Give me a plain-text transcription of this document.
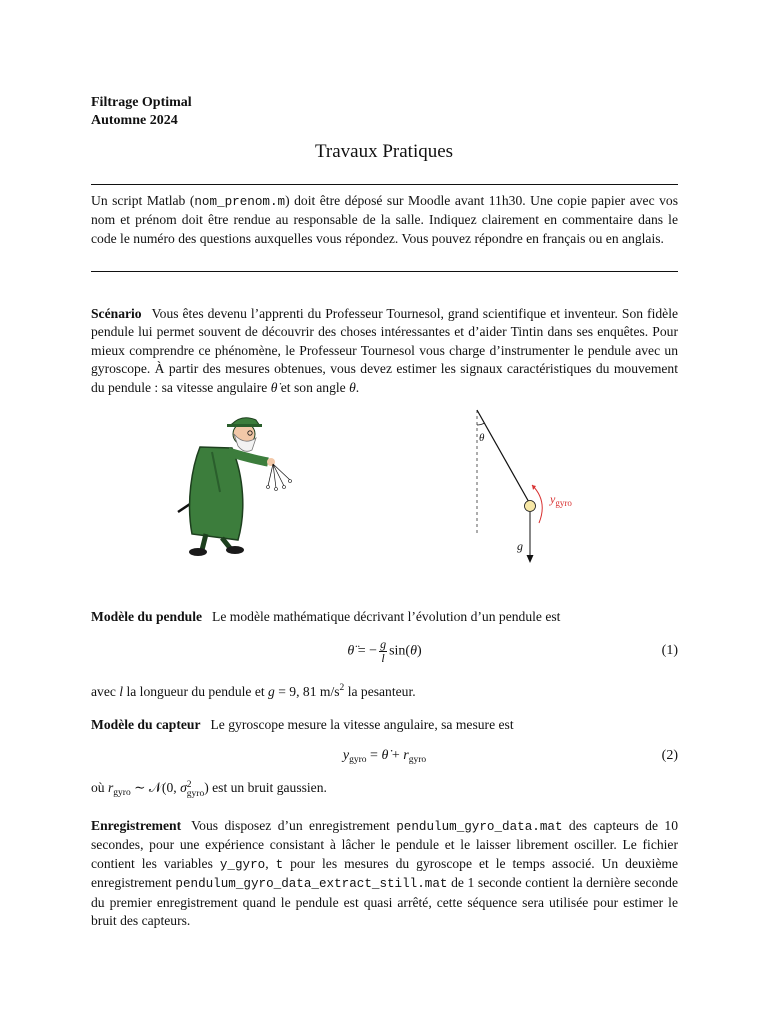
Filtrage Optimal
Automne 2024
Travaux Pratiques
Un script Matlab (nom_prenom.m) doit être déposé sur Moodle avant 11h30. Une copie papier avec vos nom et prénom doit être rendue au responsable de la salle. Indiquez clairement en commentaire dans le code le numéro des questions auxquelles vous répondez. Vous pouvez répondre en français ou en anglais.
Scénario Vous êtes devenu l’apprenti du Professeur Tournesol, grand scientifique et inventeur. Son fidèle pendule lui permet souvent de découvrir des choses intéressantes et d’aider Tintin dans ses enquêtes. Pour mieux comprendre ce phénomène, le Professeur Tournesol vous charge d’instrumenter le pendule avec un gyroscope. À partir des mesures obtenues, vous devez estimer les signaux caractéristiques du mouvement du pendule : sa vitesse angulaire θ̇ et son angle θ.
θ
$y_{gyro}$
g
Modèle du pendule Le modèle mathématique décrivant l’évolution d’un pendule est
θ̈ = − $\frac{g}{l} \sin(\theta)$	(1)
avec l la longueur du pendule et g = 9, 81 $m/s^2$ la pesanteur.
Modèle du capteur Le gyroscope mesure la vitesse angulaire, sa mesure est
$y_{gyro}$ = θ̇ + $r_{gyro}$	(2)
où $r_{gyro}$ ∼ 𝒩(0, σ 2
gyro ) est un bruit gaussien.
Enregistrement Vous disposez d’un enregistrement pendulum_gyro_data.mat des capteurs de 10 secondes, pour une expérience consistant à lâcher le pendule et le laisser librement osciller. Le fichier contient les variables y_gyro, t pour les mesures du gyroscope et le temps associé. Un deuxième enregistrement pendulum_gyro_data_extract_still.mat de 1 seconde contient la dernière seconde du premier enregistrement quand le pendule est quasi arrêté, cette séquence sera utilisée pour estimer le bruit des capteurs.
